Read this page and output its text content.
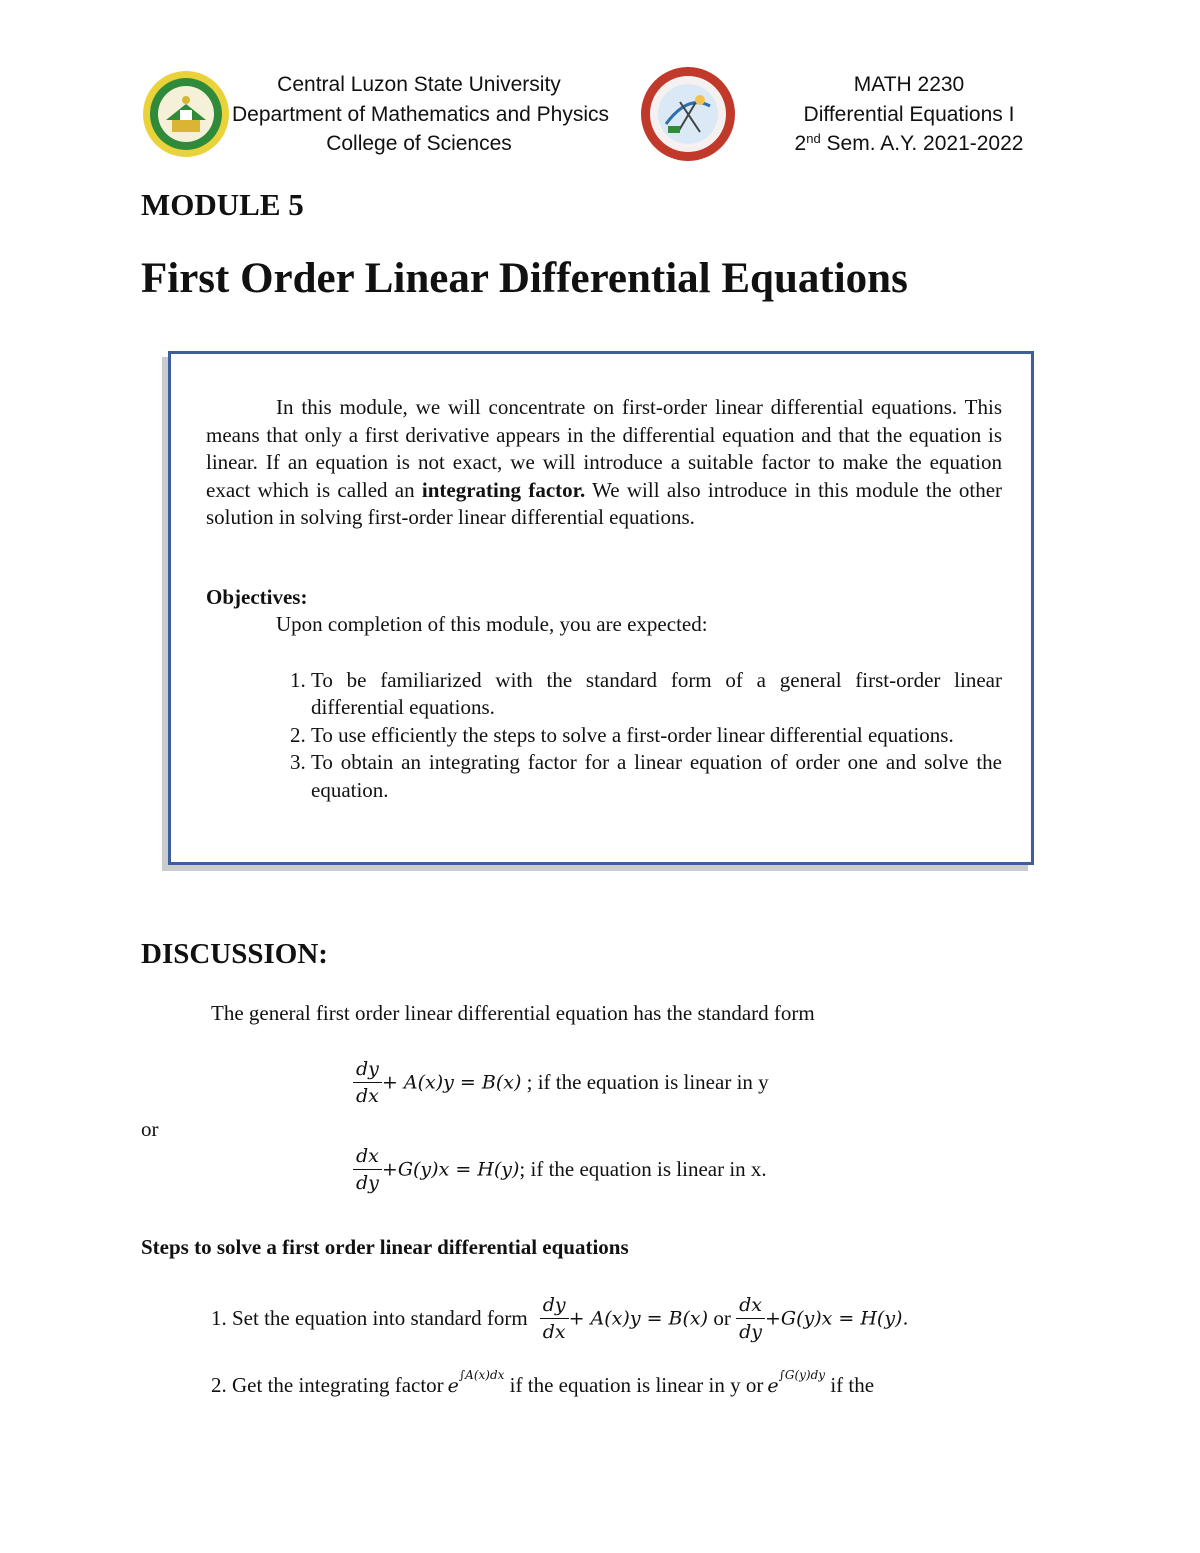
Central Luzon State University
Department of Mathematics and Physics
College of Sciences
MATH 2230
Differential Equations I
2nd Sem. A.Y. 2021-2022
MODULE 5
First Order Linear Differential Equations

In this module, we will concentrate on first-order linear differential equations. This means that only a first derivative appears in the differential equation and that the equation is linear. If an equation is not exact, we will introduce a suitable factor to make the equation exact which is called an integrating factor. We will also introduce in this module the other solution in solving first-order linear differential equations.

Objectives:
Upon completion of this module, you are expected:
1. To be familiarized with the standard form of a general first-order linear differential equations.
2. To use efficiently the steps to solve a first-order linear differential equations.
3. To obtain an integrating factor for a linear equation of order one and solve the equation.
DISCUSSION:
The general first order linear differential equation has the standard form
$\frac{dy}{dx} + A(x)y = B(x)$ ; if the equation is linear in y
or
$\frac{dx}{dy} +G(y)x = H(y)$; if the equation is linear in x.
Steps to solve a first order linear differential equations
1. Set the equation into standard form $\frac{dy}{dx} + A(x)y = B(x)$ or $\frac{dx}{dy} +G(y)x = H(y)$.
2. Get the integrating factor $e^{\int A(x)dx}$ if the equation is linear in y or $e^{\int G(y)dy}$ if the
